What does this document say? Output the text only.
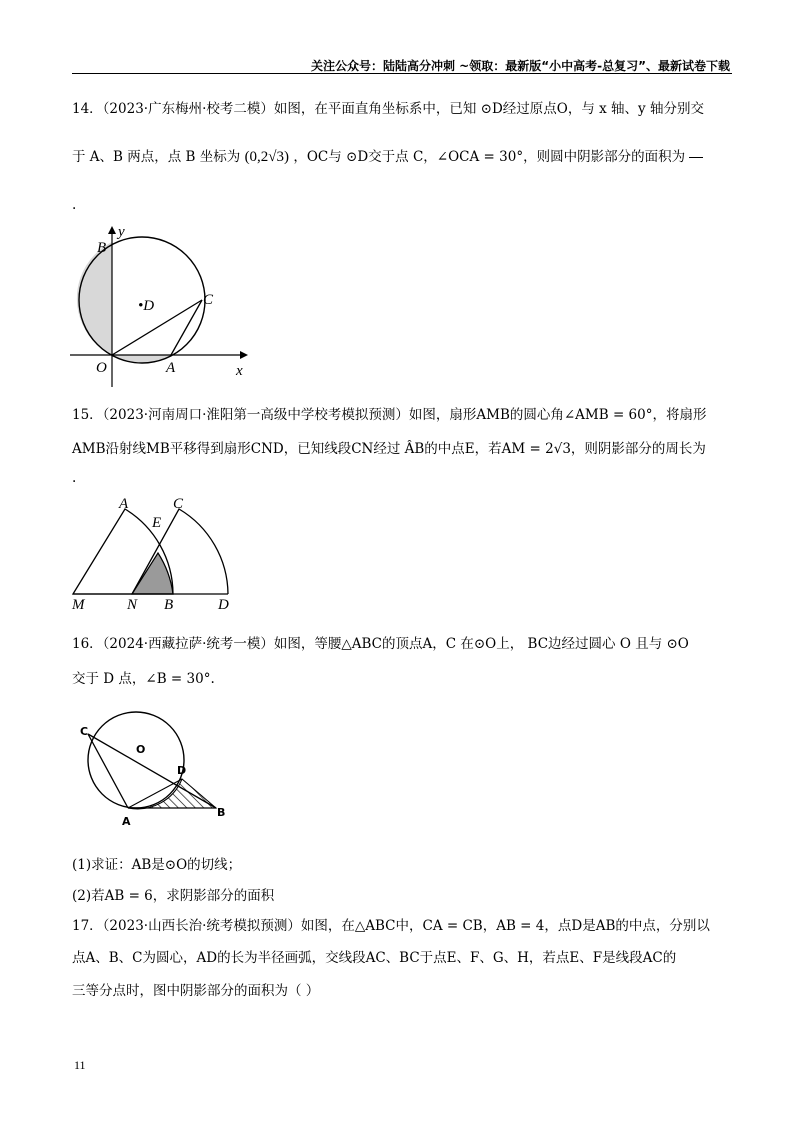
关注公众号：陆陆高分冲刺 ~领取：最新版“小中高考-总复习”、最新试卷下载
14．（2023·广东梅州·校考二模）如图，在平面直角坐标系中，已知 ⊙D经过原点O，与 x 轴、y 轴分别交
于 A、B 两点，点 B 坐标为 (0,2√3) ，OC与 ⊙D交于点 C，∠OCA = 30°，则圆中阴影部分的面积为
.
y
B
•D	C
O	A	x
15．（2023·河南周口·淮阳第一高级中学校考模拟预测）如图，扇形AMB的圆心角∠AMB = 60°，将扇形
AMB沿射线MB平移得到扇形CND，已知线段CN经过 ÂB的中点E，若AM = 2√3，则阴影部分的周长为
.
A
E
C
M	N B	D
16．（2024·西藏拉萨·统考一模）如图，等腰△ABC的顶点A，C 在⊙O上， BC边经过圆心 O 且与 ⊙O
交于 D 点，∠B = 30°.
C
O
D
A
B
(1)求证：AB是⊙O的切线；
(2)若AB = 6，求阴影部分的面积
17．（2023·山西长治·统考模拟预测）如图，在△ABC中，CA = CB，AB = 4，点D是AB的中点，分别以
点A、B、C为圆心，AD的长为半径画弧，交线段AC、BC于点E、F、G、H，若点E、F是线段AC的
三等分点时，图中阴影部分的面积为（ ）
11
